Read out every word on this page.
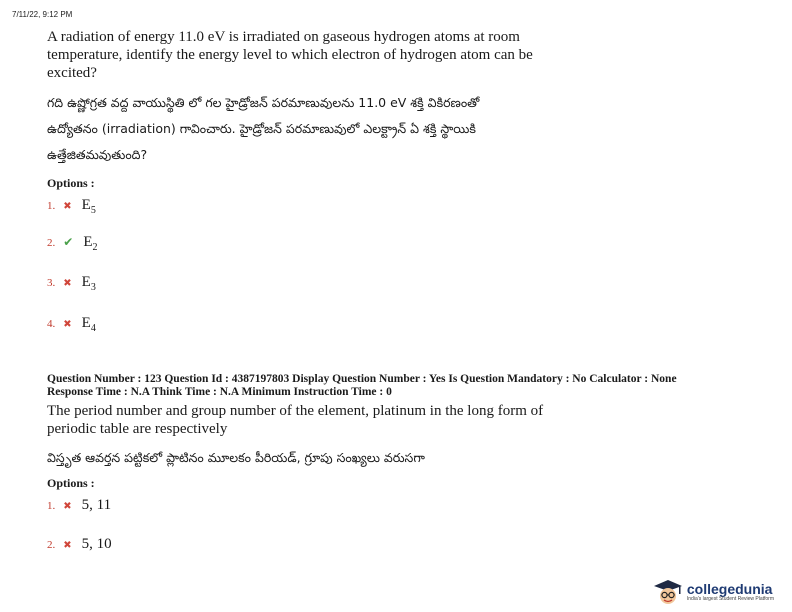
7/11/22, 9:12 PM
A radiation of energy 11.0 eV is irradiated on gaseous hydrogen atoms at room
temperature, identify the energy level to which electron of hydrogen atom can be
excited?
గది ఉష్ణోగ్రత వద్ద వాయుస్థితి లో గల హైడ్రోజన్ పరమాణువులను 11.0 eV శక్తి వికిరణంతో
ఉద్యోతనం (irradiation) గావించారు. హైడ్రోజన్ పరమాణువులో ఎలక్ట్రాన్ ఏ శక్తి స్థాయికి
ఉత్తేజితమవుతుంది?
Options :
1. ✖ $E_5$
2. ✔ $E_2$
3. ✖ $E_3$
4. ✖ $E_4$
Question Number : 123 Question Id : 4387197803 Display Question Number : Yes Is Question Mandatory : No Calculator : None
Response Time : N.A Think Time : N.A Minimum Instruction Time : 0
The period number and group number of the element, platinum in the long form of
periodic table are respectively
విస్తృత ఆవర్తన పట్టికలో ప్లాటినం మూలకం పీరియడ్, గ్రూపు సంఖ్యలు వరుసగా
Options :
1. ✖ 5, 11
2. ✖ 5, 10
collegedunia
India's largest Student Review Platform
